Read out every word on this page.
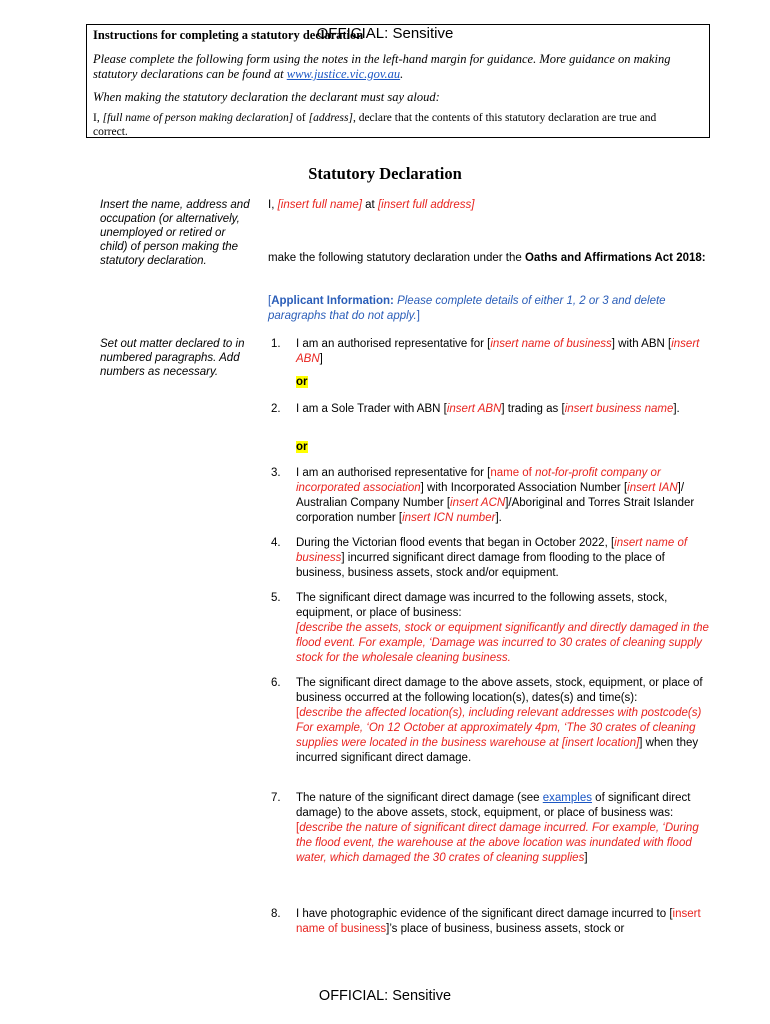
OFFICIAL: Sensitive
Instructions for completing a statutory declaration
Please complete the following form using the notes in the left-hand margin for guidance. More guidance on making statutory declarations can be found at www.justice.vic.gov.au.
When making the statutory declaration the declarant must say aloud:
I, [full name of person making declaration] of [address], declare that the contents of this statutory declaration are true and correct.
Statutory Declaration
Insert the name, address and occupation (or alternatively, unemployed or retired or child) of person making the statutory declaration.
Set out matter declared to in numbered paragraphs. Add numbers as necessary.
I, [insert full name] at [insert full address]
make the following statutory declaration under the Oaths and Affirmations Act 2018:
[Applicant Information: Please complete details of either 1, 2 or 3 and delete paragraphs that do not apply.]
1.	I am an authorised representative for [insert name of business] with ABN [insert ABN]
or
2.	I am a Sole Trader with ABN [insert ABN] trading as [insert business name].
or
3.	I am an authorised representative for [name of not-for-profit company or incorporated association] with Incorporated Association Number [insert IAN]/ Australian Company Number [insert ACN]/Aboriginal and Torres Strait Islander corporation number [insert ICN number].
4.	During the Victorian flood events that began in October 2022, [insert name of business] incurred significant direct damage from flooding to the place of business, business assets, stock and/or equipment.
5.	The significant direct damage was incurred to the following assets, stock, equipment, or place of business:
[describe the assets, stock or equipment significantly and directly damaged in the flood event. For example, ‘Damage was incurred to 30 crates of cleaning supply stock for the wholesale cleaning business.
6.	The significant direct damage to the above assets, stock, equipment, or place of business occurred at the following location(s), dates(s) and time(s):
[describe the affected location(s), including relevant addresses with postcode(s) For example, ‘On 12 October at approximately 4pm, ‘The 30 crates of cleaning supplies were located in the business warehouse at [insert location]] when they incurred significant direct damage.
7.	The nature of the significant direct damage (see examples of significant direct damage) to the above assets, stock, equipment, or place of business was:
[describe the nature of significant direct damage incurred. For example, ‘During the flood event, the warehouse at the above location was inundated with flood water, which damaged the 30 crates of cleaning supplies]
8.	I have photographic evidence of the significant direct damage incurred to [insert name of business]’s place of business, business assets, stock or
OFFICIAL: Sensitive
